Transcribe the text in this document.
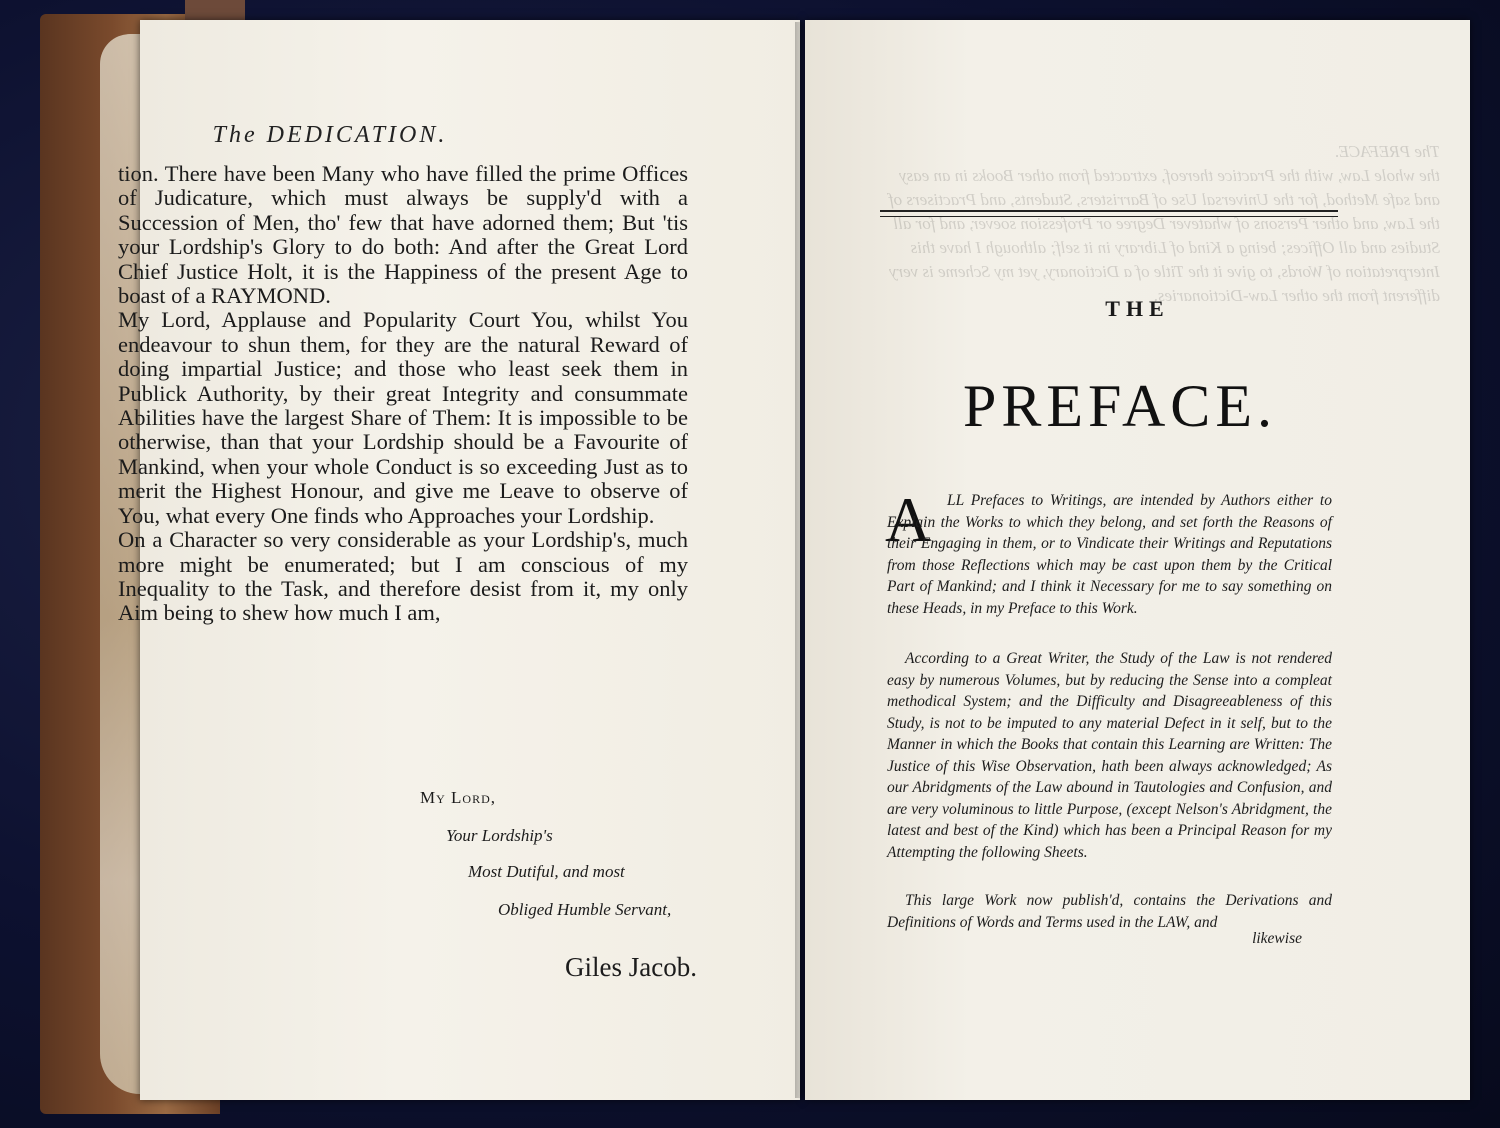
The DEDICATION.
tion. There have been Many who have filled the prime Offices of Judicature, which must always be supply'd with a Succession of Men, tho' few that have adorned them; But 'tis your Lordship's Glory to do both: And after the Great Lord Chief Justice Holt, it is the Happiness of the present Age to boast of a RAYMOND.
My Lord, Applause and Popularity Court You, whilst You endeavour to shun them, for they are the natural Reward of doing impartial Justice; and those who least seek them in Publick Authority, by their great Integrity and consummate Abilities have the largest Share of Them: It is impossible to be otherwise, than that your Lordship should be a Favourite of Mankind, when your whole Conduct is so exceeding Just as to merit the Highest Honour, and give me Leave to observe of You, what every One finds who Approaches your Lordship.
On a Character so very considerable as your Lordship's, much more might be enumerated; but I am conscious of my Inequality to the Task, and therefore desist from it, my only Aim being to shew how much I am,
My Lord,
Your Lordship's
Most Dutiful, and most
Obliged Humble Servant,
Giles Jacob.
The PREFACE.
the whole Law, with the Practice thereof, extracted from other Books in an easy and safe Method, for the Universal Use of Barristers, Students, and Practisers of the Law, and other Persons of whatever Degree or Profession soever, and for all Studies and all Offices; being a Kind of Library in it self; although I have this Interpretation of Words, to give it the Title of a Dictionary, yet my Scheme is very different from the other Law-Dictionaries,
THE
PREFACE.
A	LL Prefaces to Writings, are intended by Authors either to Explain the Works to which they belong, and set forth the Reasons of their Engaging in them, or to Vindicate their Writings and Reputations from those Reflections which may be cast upon them by the Critical Part of Mankind; and I think it Necessary for me to say something on these Heads, in my Preface to this Work.
According to a Great Writer, the Study of the Law is not rendered easy by numerous Volumes, but by reducing the Sense into a compleat methodical System; and the Difficulty and Disagreeableness of this Study, is not to be imputed to any material Defect in it self, but to the Manner in which the Books that contain this Learning are Written: The Justice of this Wise Observation, hath been always acknowledged; As our Abridgments of the Law abound in Tautologies and Confusion, and are very voluminous to little Purpose, (except Nelson's Abridgment, the latest and best of the Kind) which has been a Principal Reason for my Attempting the following Sheets.
This large Work now publish'd, contains the Derivations and Definitions of Words and Terms used in the LAW, and
likewise
